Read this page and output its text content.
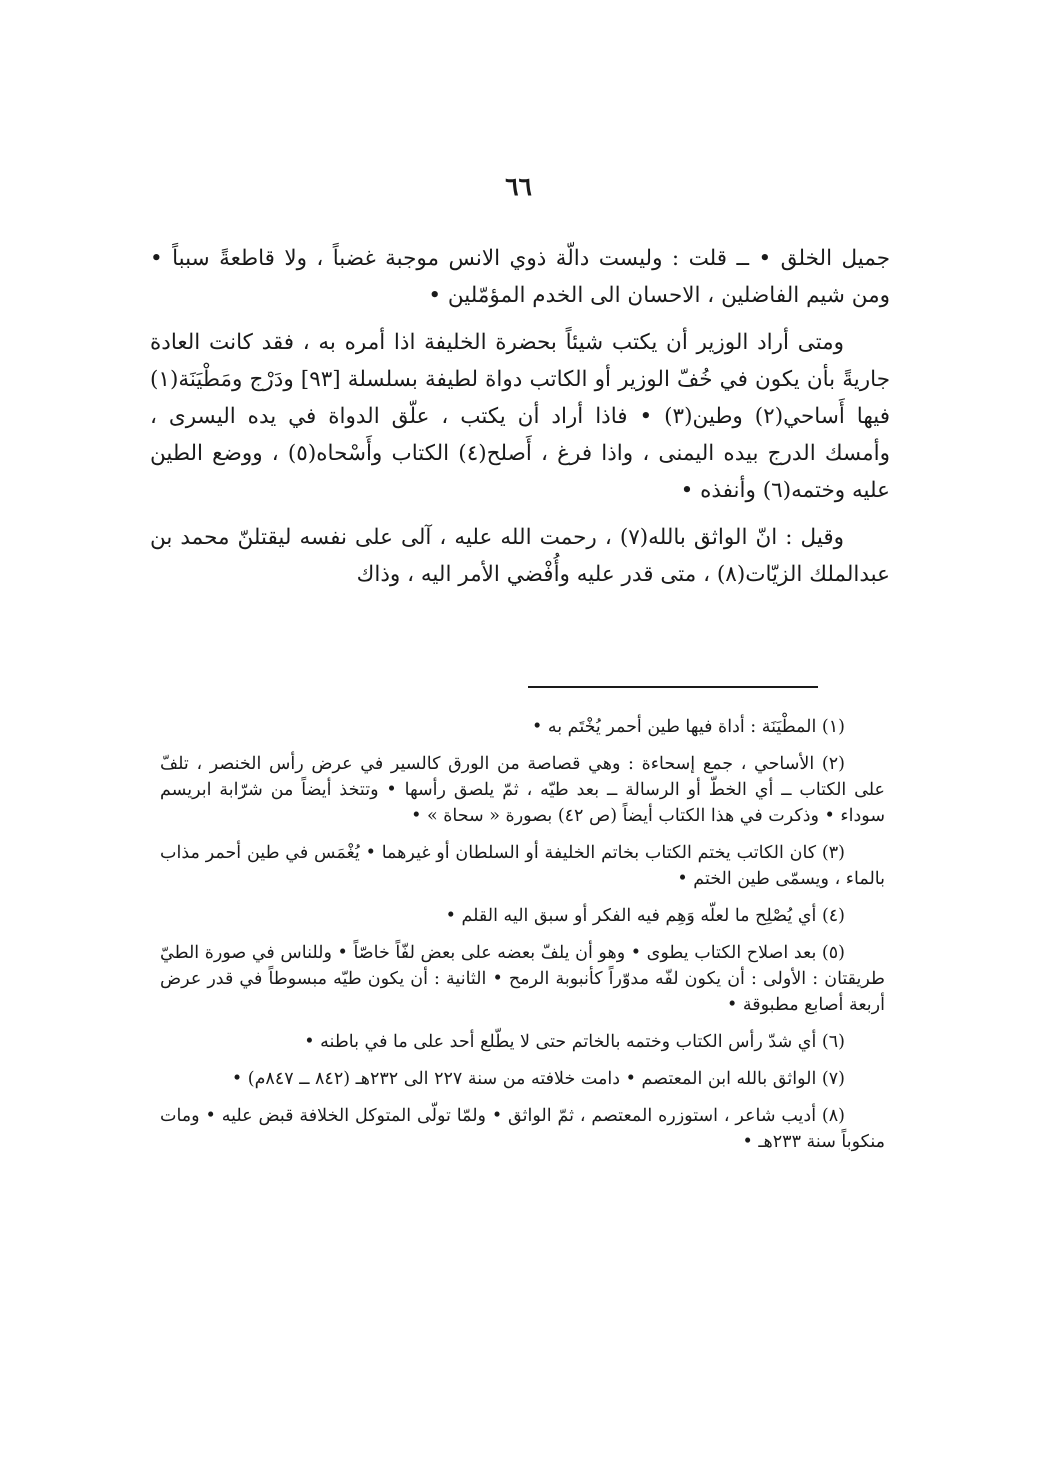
٦٦

جميل الخلق • ــ قلت : وليست دالّة ذوي الانس موجبة غضباً ، ولا قاطعةً سبباً • ومن شيم الفاضلين ، الاحسان الى الخدم المؤمّلين •

ومتى أراد الوزير أن يكتب شيئاً بحضرة الخليفة اذا أمره به ، فقد كانت العادة جاريةً بأن يكون في خُفّ الوزير أو الكاتب دواة لطيفة بسلسلة [٩٣] ودَرْج ومَطْيَنَة(١) فيها أَساحي(٢) وطين(٣) • فاذا أراد أن يكتب ، علّق الدواة في يده اليسرى ، وأمسك الدرج بيده اليمنى ، واذا فرغ ، أَصلح(٤) الكتاب وأَسْحاه(٥) ، ووضع الطين عليه وختمه(٦) وأنفذه •

وقيل : انّ الواثق بالله(٧) ، رحمت الله عليه ، آلى على نفسه ليقتلنّ محمد بن عبدالملك الزيّات(٨) ، متى قدر عليه وأُفْضي الأمر اليه ، وذاك

(١) المطْيَنَة : أداة فيها طين أحمر يُخْتَم به •

(٢) الأساحي ، جمع إسحاءة : وهي قصاصة من الورق كالسير في عرض رأس الخنصر ، تلفّ على الكتاب ــ أي الخطّ أو الرسالة ــ بعد طيّه ، ثمّ يلصق رأسها • وتتخذ أيضاً من شرّابة ابريسم سوداء • وذكرت في هذا الكتاب أيضاً (ص ٤٢) بصورة « سحاة » •

(٣) كان الكاتب يختم الكتاب بخاتم الخليفة أو السلطان أو غيرهما • يُغْمَس في طين أحمر مذاب بالماء ، ويسمّى طين الختم •

(٤) أي يُصْلِح ما لعلّه وَهِم فيه الفكر أو سبق اليه القلم •

(٥) بعد اصلاح الكتاب يطوى • وهو أن يلفّ بعضه على بعض لفّاً خاصّاً • وللناس في صورة الطيّ طريقتان : الأولى : أن يكون لفّه مدوّراً كأنبوبة الرمح • الثانية : أن يكون طيّه مبسوطاً في قدر عرض أربعة أصابع مطبوقة •

(٦) أي شدّ رأس الكتاب وختمه بالخاتم حتى لا يطّلع أحد على ما في باطنه •

(٧) الواثق بالله ابن المعتصم • دامت خلافته من سنة ٢٢٧ الى ٢٣٢هـ (٨٤٢ ــ ٨٤٧م) •

(٨) أديب شاعر ، استوزره المعتصم ، ثمّ الواثق • ولمّا تولّى المتوكل الخلافة قبض عليه • ومات منكوباً سنة ٢٣٣هـ •
